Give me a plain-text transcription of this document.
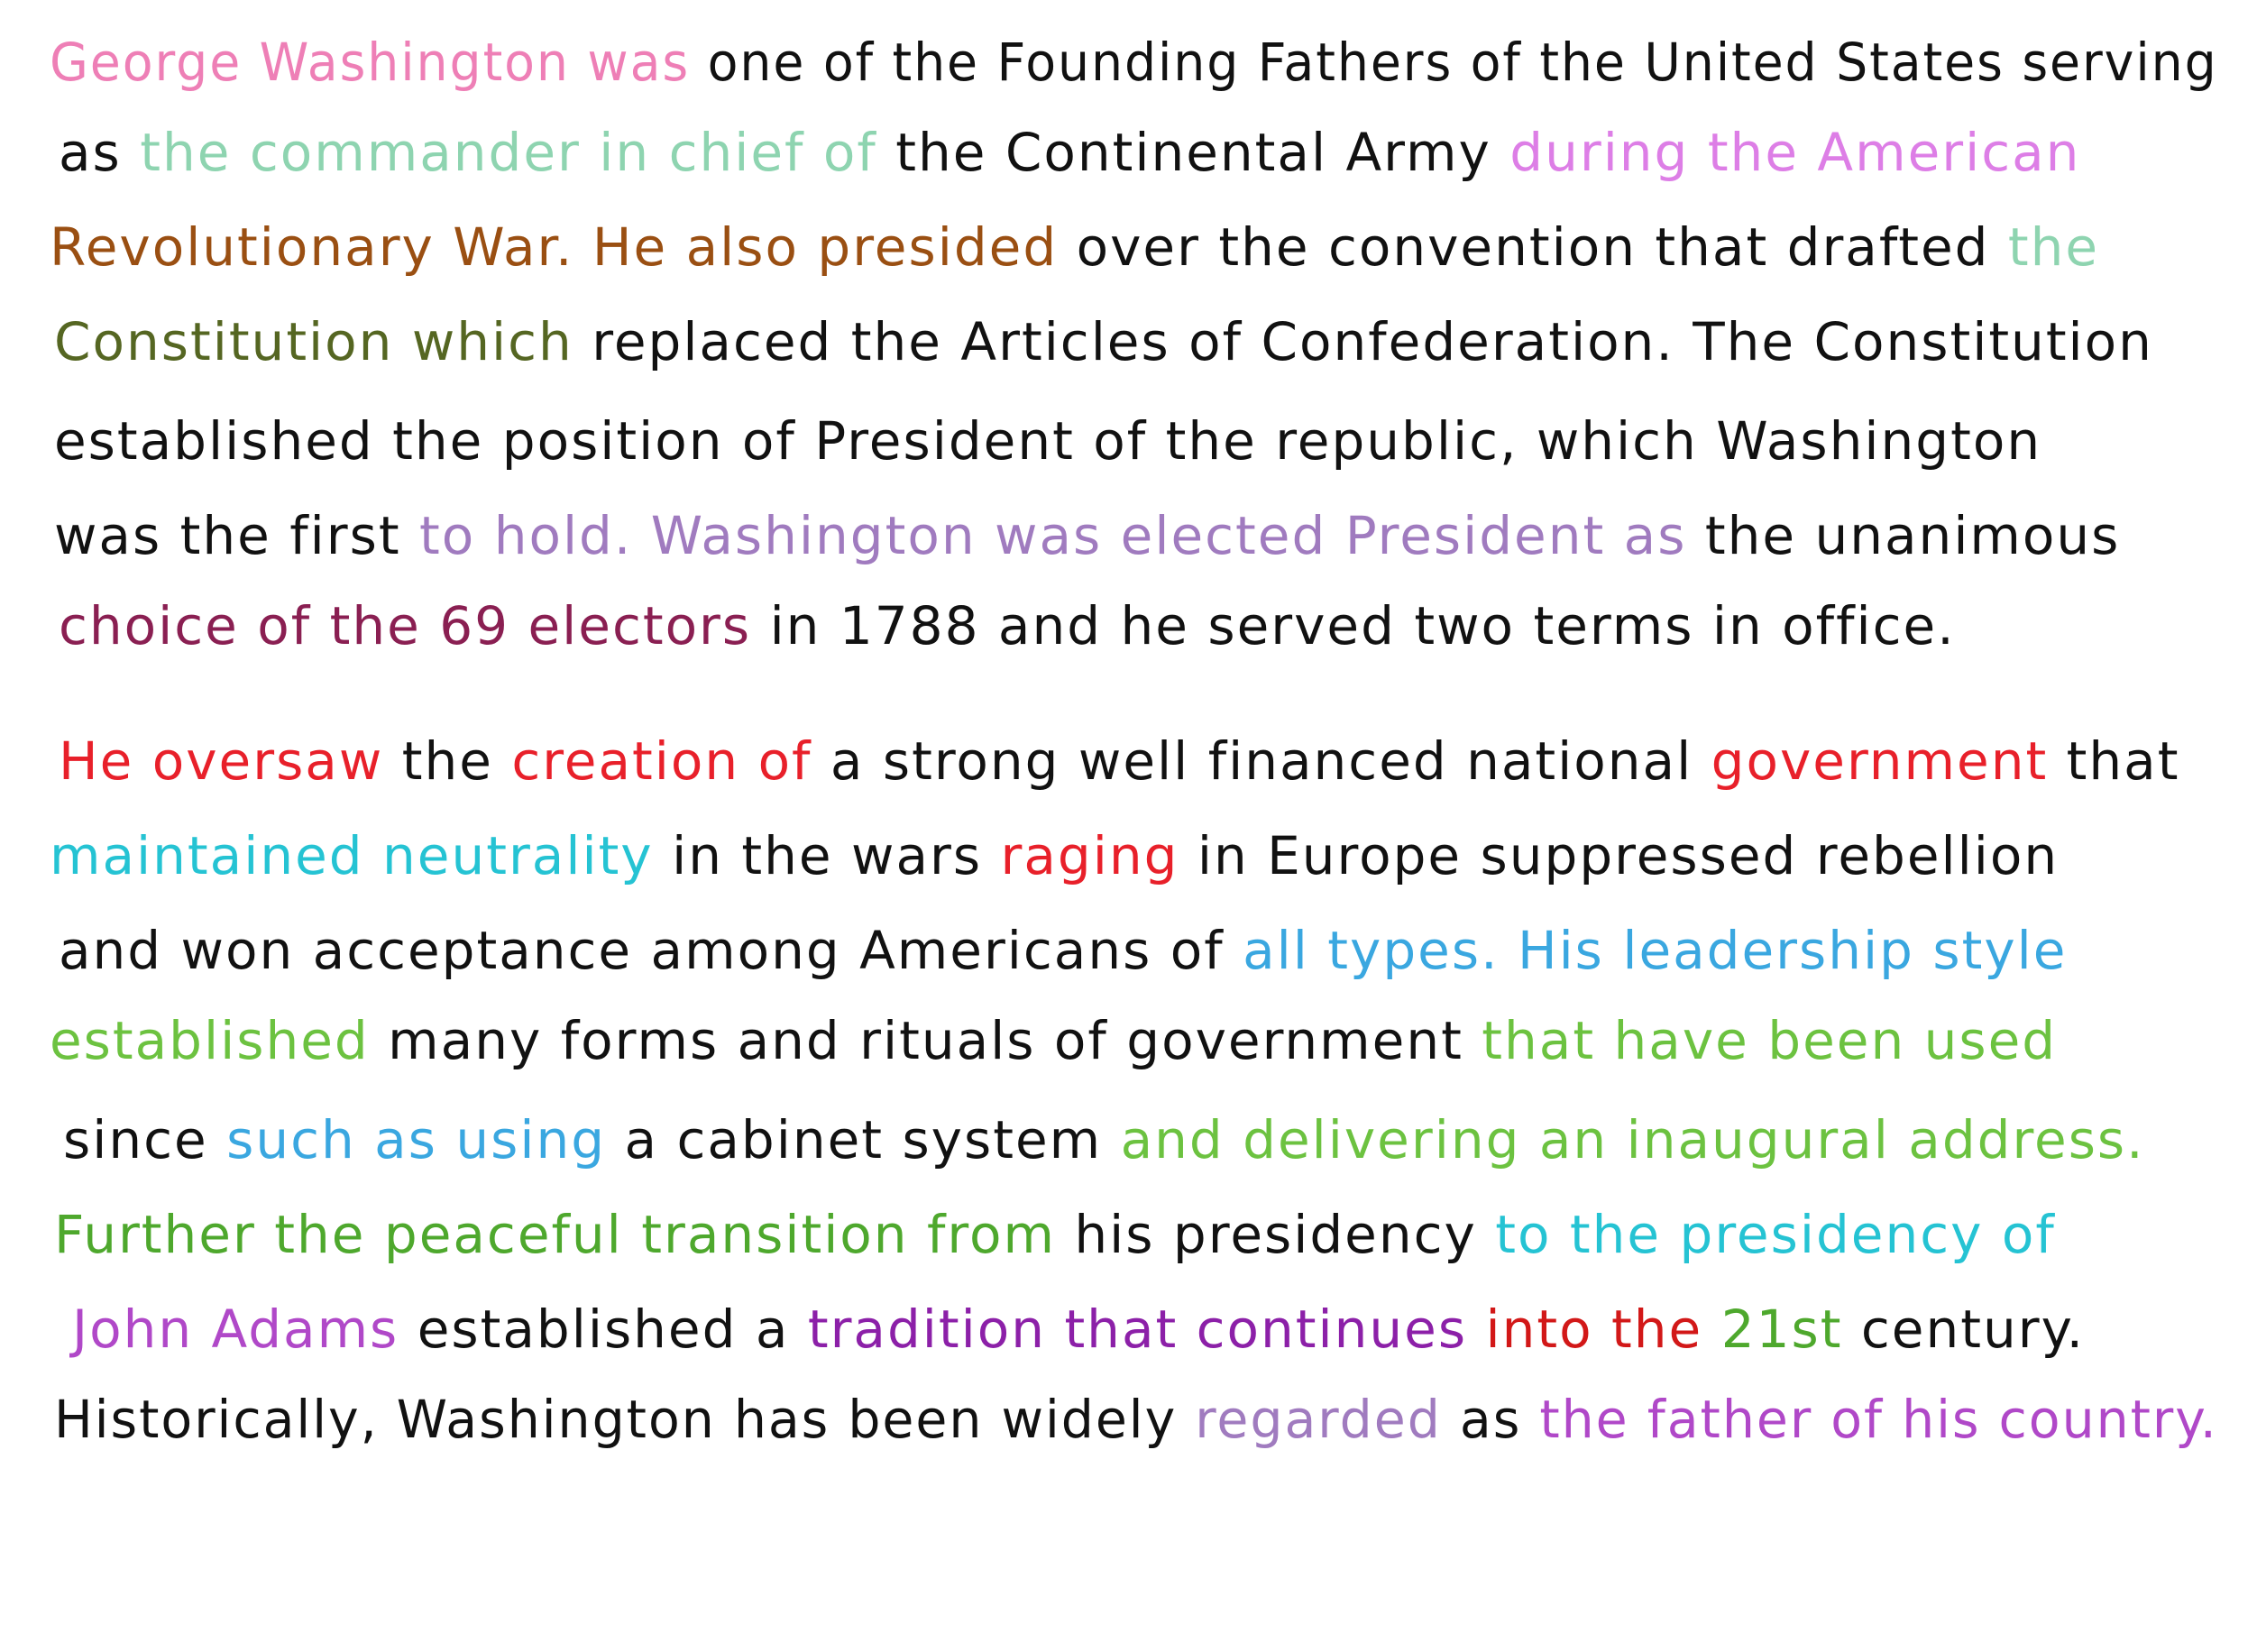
George Washington was one of the Founding Fathers of the United States serving
as the commander in chief of the Continental Army during the American
Revolutionary War. He also presided over the convention that drafted the
Constitution which replaced the Articles of Confederation. The Constitution
established the position of President of the republic, which Washington
was the first to hold. Washington was elected President as the unanimous
choice of the 69 electors in 1788 and he served two terms in office.
He oversaw the creation of a strong well financed national government that
maintained neutrality in the wars raging in Europe suppressed rebellion
and won acceptance among Americans of all types. His leadership style
established many forms and rituals of government that have been used
since such as using a cabinet system and delivering an inaugural address.
Further the peaceful transition from his presidency to the presidency of
John Adams established a tradition that continues into the 21st century.
Historically, Washington has been widely regarded as the father of his country.
